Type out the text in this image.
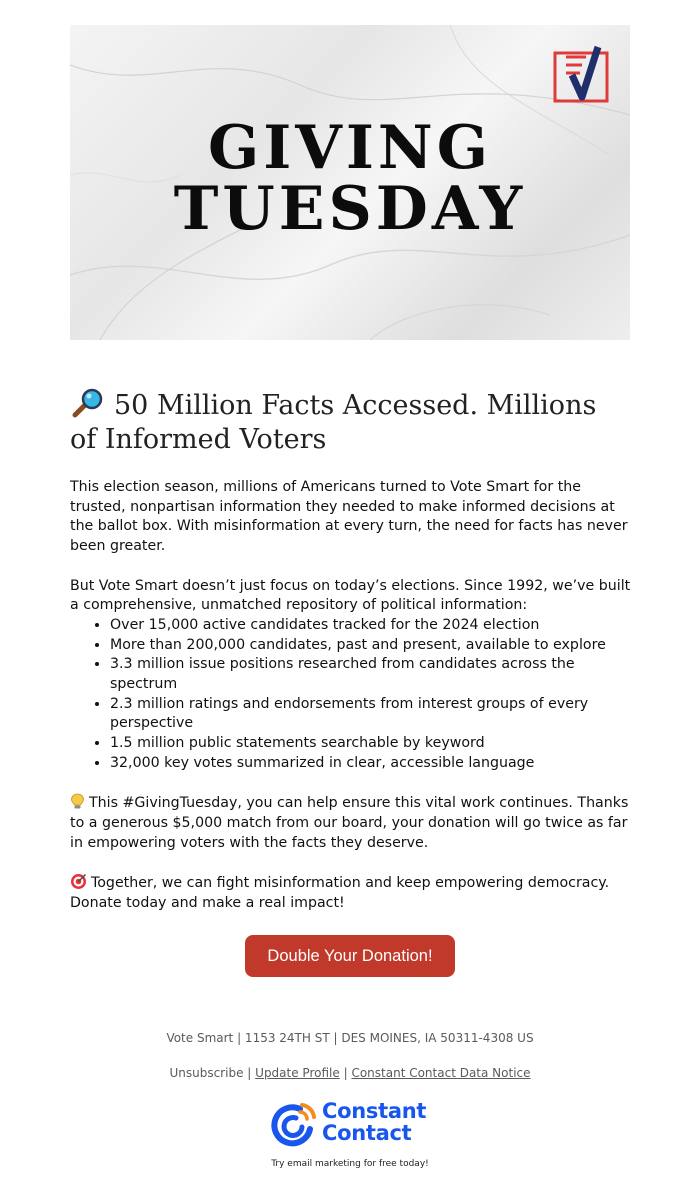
GIVING
TUESDAY
50 Million Facts Accessed. Millions of Informed Voters

This election season, millions of Americans turned to Vote Smart for the trusted, nonpartisan information they needed to make informed decisions at the ballot box. With misinformation at every turn, the need for facts has never been greater.

But Vote Smart doesn’t just focus on today’s elections. Since 1992, we’ve built a comprehensive, unmatched repository of political information:

• Over 15,000 active candidates tracked for the 2024 election
• More than 200,000 candidates, past and present, available to explore
• 3.3 million issue positions researched from candidates across the spectrum
• 2.3 million ratings and endorsements from interest groups of every perspective
• 1.5 million public statements searchable by keyword
• 32,000 key votes summarized in clear, accessible language

This #GivingTuesday, you can help ensure this vital work continues. Thanks to a generous $5,000 match from our board, your donation will go twice as far in empowering voters with the facts they deserve.

Together, we can fight misinformation and keep empowering democracy. Donate today and make a real impact!

Double Your Donation!
Vote Smart | 1153 24TH ST | DES MOINES, IA 50311-4308 US
Unsubscribe | Update Profile | Constant Contact Data Notice
Constant
Contact
Try email marketing for free today!
